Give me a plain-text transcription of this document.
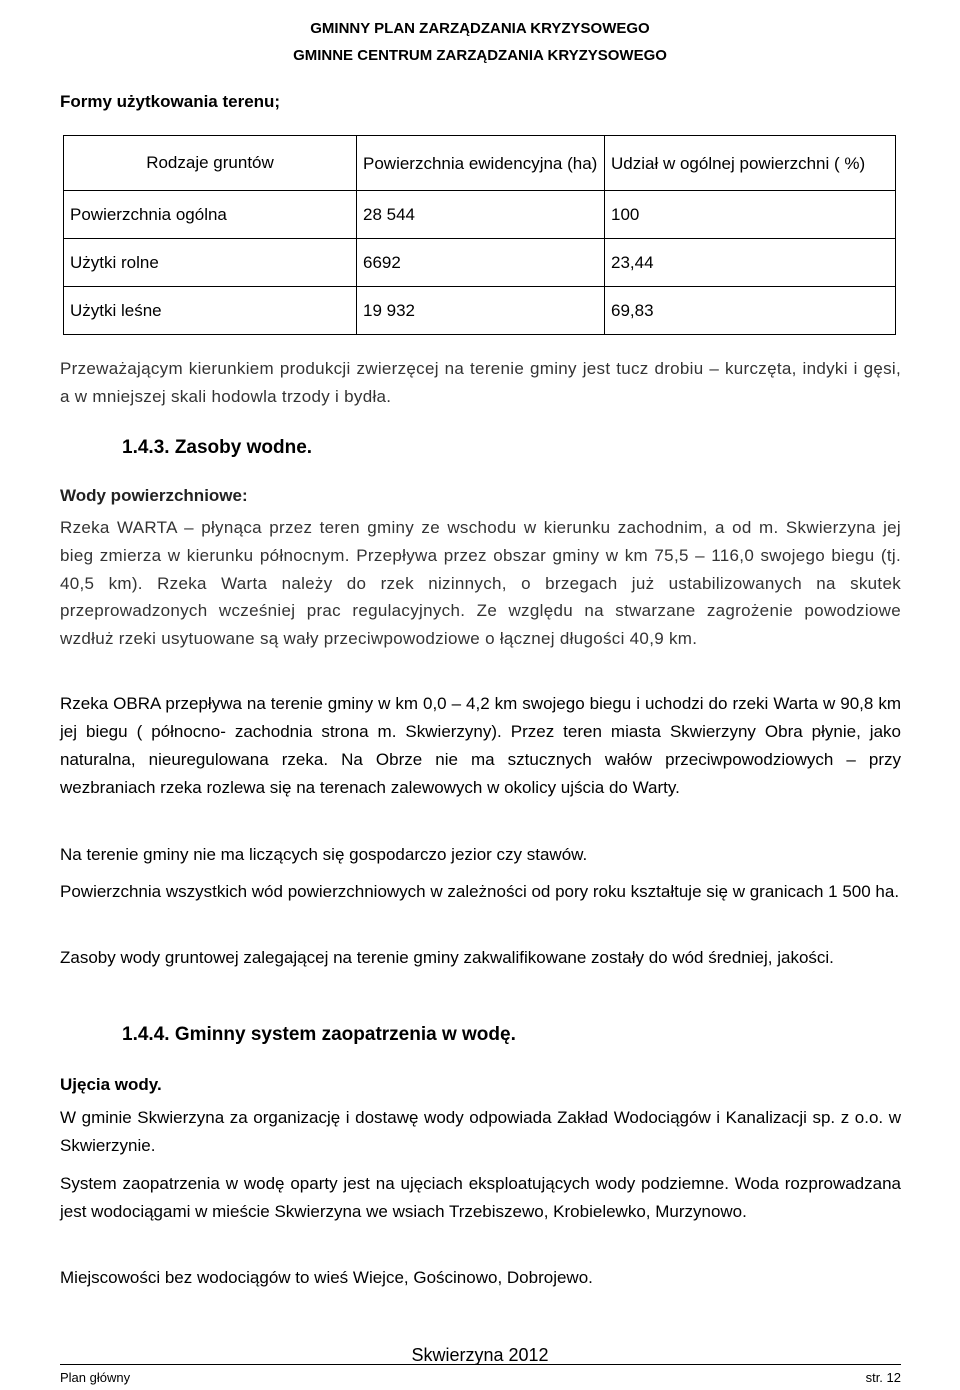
GMINNY PLAN ZARZĄDZANIA KRYZYSOWEGO
GMINNE CENTRUM ZARZĄDZANIA KRYZYSOWEGO
Formy użytkowania terenu;
Rodzaje gruntów	Powierzchnia ewidencyjna (ha)	Udział w ogólnej powierzchni ( %)
Powierzchnia ogólna	28 544	100
Użytki rolne	6692	23,44
Użytki leśne	19 932	69,83
Przeważającym kierunkiem produkcji zwierzęcej na terenie gminy jest tucz drobiu – kurczęta, indyki i gęsi, a w mniejszej skali hodowla trzody i bydła.
1.4.3. Zasoby wodne.
Wody powierzchniowe:
Rzeka WARTA – płynąca przez teren gminy ze wschodu w kierunku zachodnim, a od m. Skwierzyna jej bieg zmierza w kierunku północnym. Przepływa przez obszar gminy w km 75,5 – 116,0 swojego biegu (tj. 40,5 km). Rzeka Warta należy do rzek nizinnych, o brzegach już ustabilizowanych na skutek przeprowadzonych wcześniej prac regulacyjnych. Ze względu na stwarzane zagrożenie powodziowe wzdłuż rzeki usytuowane są wały przeciwpowodziowe o łącznej długości 40,9 km.
Rzeka OBRA przepływa na terenie gminy w km 0,0 – 4,2 km swojego biegu i uchodzi do rzeki Warta w 90,8 km jej biegu ( północno- zachodnia strona m. Skwierzyny). Przez teren miasta Skwierzyny Obra płynie, jako naturalna, nieuregulowana rzeka. Na Obrze nie ma sztucznych wałów przeciwpowodziowych – przy wezbraniach rzeka rozlewa się na terenach zalewowych w okolicy ujścia do Warty.
Na terenie gminy nie ma liczących się gospodarczo jezior czy stawów.
Powierzchnia wszystkich wód powierzchniowych w zależności od pory roku kształtuje się w granicach 1 500 ha.
Zasoby wody gruntowej zalegającej na terenie gminy zakwalifikowane zostały do wód średniej, jakości.
1.4.4. Gminny system zaopatrzenia w wodę.
Ujęcia wody.
W gminie Skwierzyna za organizację i dostawę wody odpowiada Zakład Wodociągów i Kanalizacji sp. z o.o. w Skwierzynie.
System zaopatrzenia w wodę oparty jest na ujęciach eksploatujących wody podziemne. Woda rozprowadzana jest wodociągami w mieście Skwierzyna we wsiach Trzebiszewo, Krobielewko, Murzynowo.
Miejscowości bez wodociągów to wieś Wiejce, Gościnowo, Dobrojewo.
Skwierzyna 2012
Plan główny	str. 12
